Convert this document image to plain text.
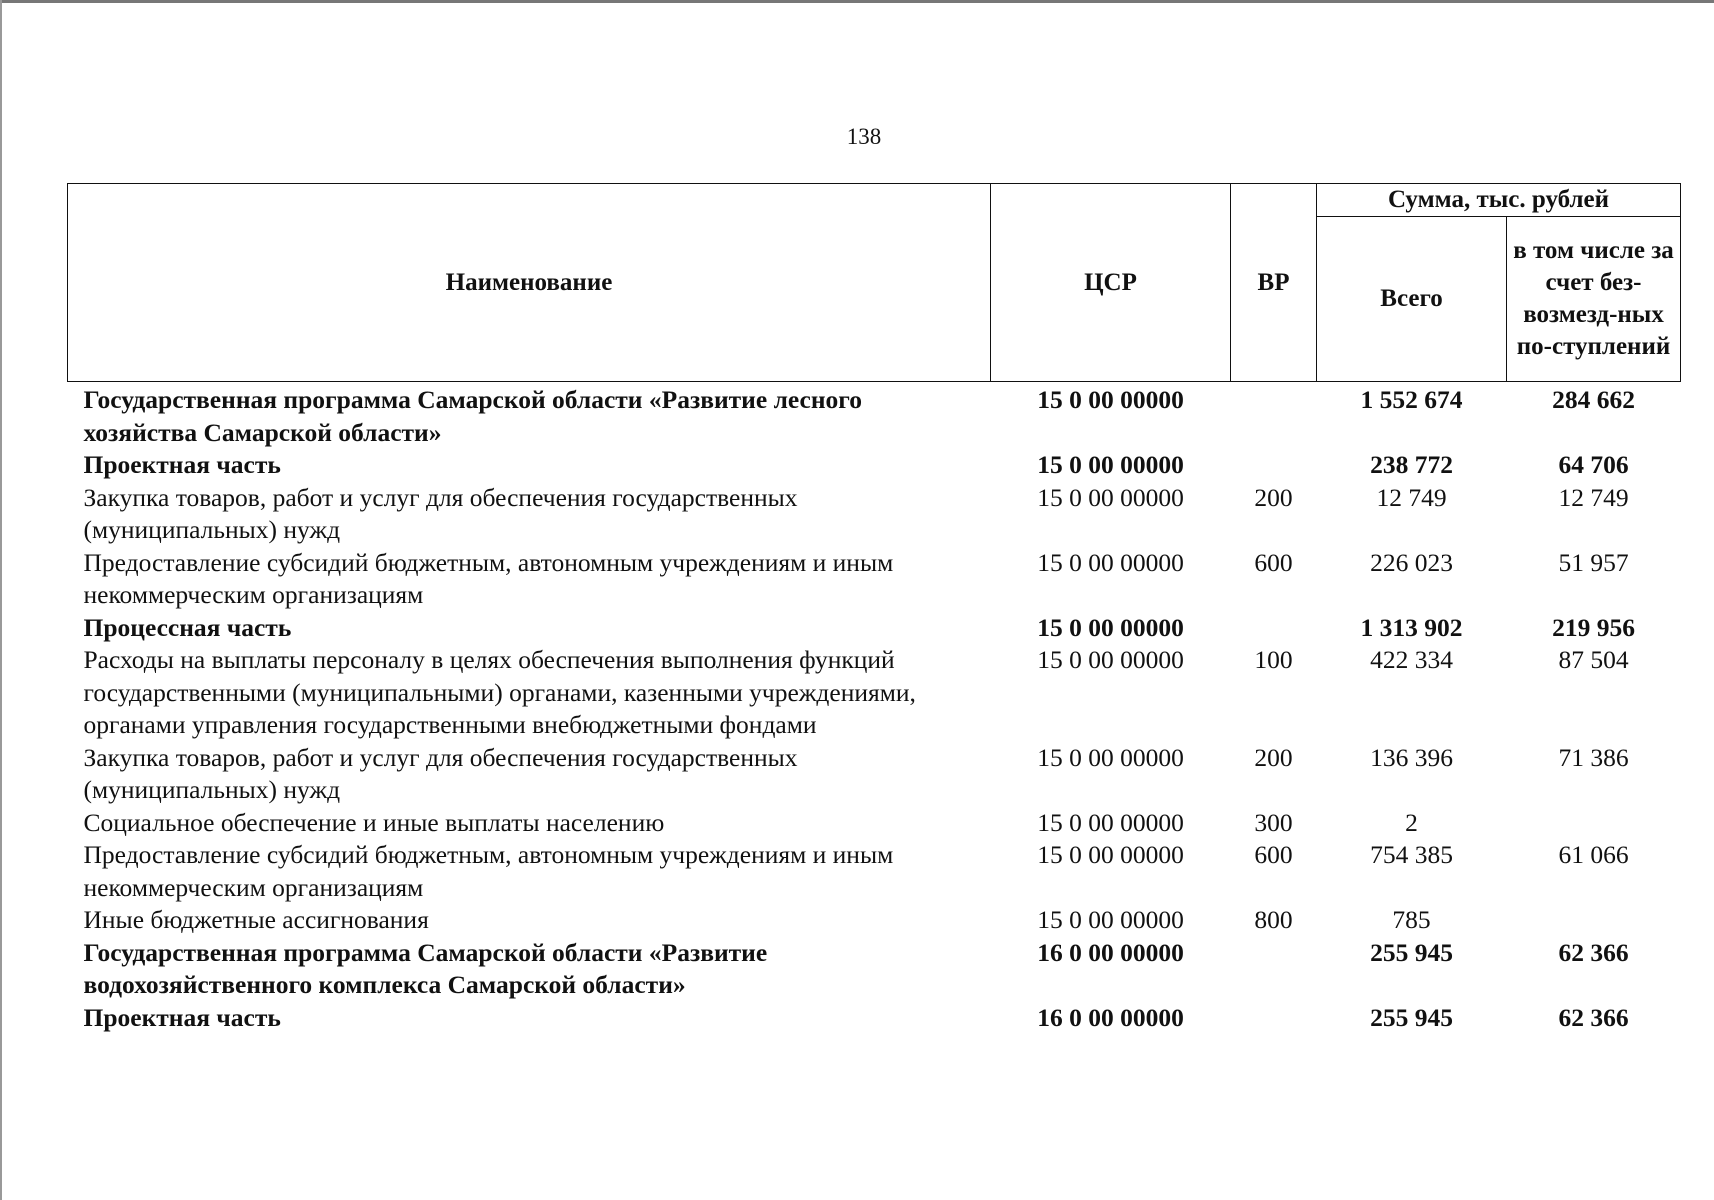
138
Наименование	ЦСР	ВР	Сумма, тыс. рублей	
			Всего	в том числе за счет без-возмезд-ных по-ступлений
Государственная программа Самарской области «Развитие лесного хозяйства Самарской области»	15 0 00 00000		1 552 674	284 662
Проектная часть	15 0 00 00000		238 772	64 706
Закупка товаров, работ и услуг для обеспечения государственных (муниципальных) нужд	15 0 00 00000	200	12 749	12 749
Предоставление субсидий бюджетным, автономным учреждениям и иным некоммерческим организациям	15 0 00 00000	600	226 023	51 957
Процессная часть	15 0 00 00000		1 313 902	219 956
Расходы на выплаты персоналу в целях обеспечения выполнения функций государственными (муниципальными) органами, казенными учреждениями, органами управления государственными внебюджетными фондами	15 0 00 00000	100	422 334	87 504
Закупка товаров, работ и услуг для обеспечения государственных (муниципальных) нужд	15 0 00 00000	200	136 396	71 386
Социальное обеспечение и иные выплаты населению	15 0 00 00000	300	2	
Предоставление субсидий бюджетным, автономным учреждениям и иным некоммерческим организациям	15 0 00 00000	600	754 385	61 066
Иные бюджетные ассигнования	15 0 00 00000	800	785	
Государственная программа Самарской области «Развитие водохозяйственного комплекса Самарской области»	16 0 00 00000		255 945	62 366
Проектная часть	16 0 00 00000		255 945	62 366
